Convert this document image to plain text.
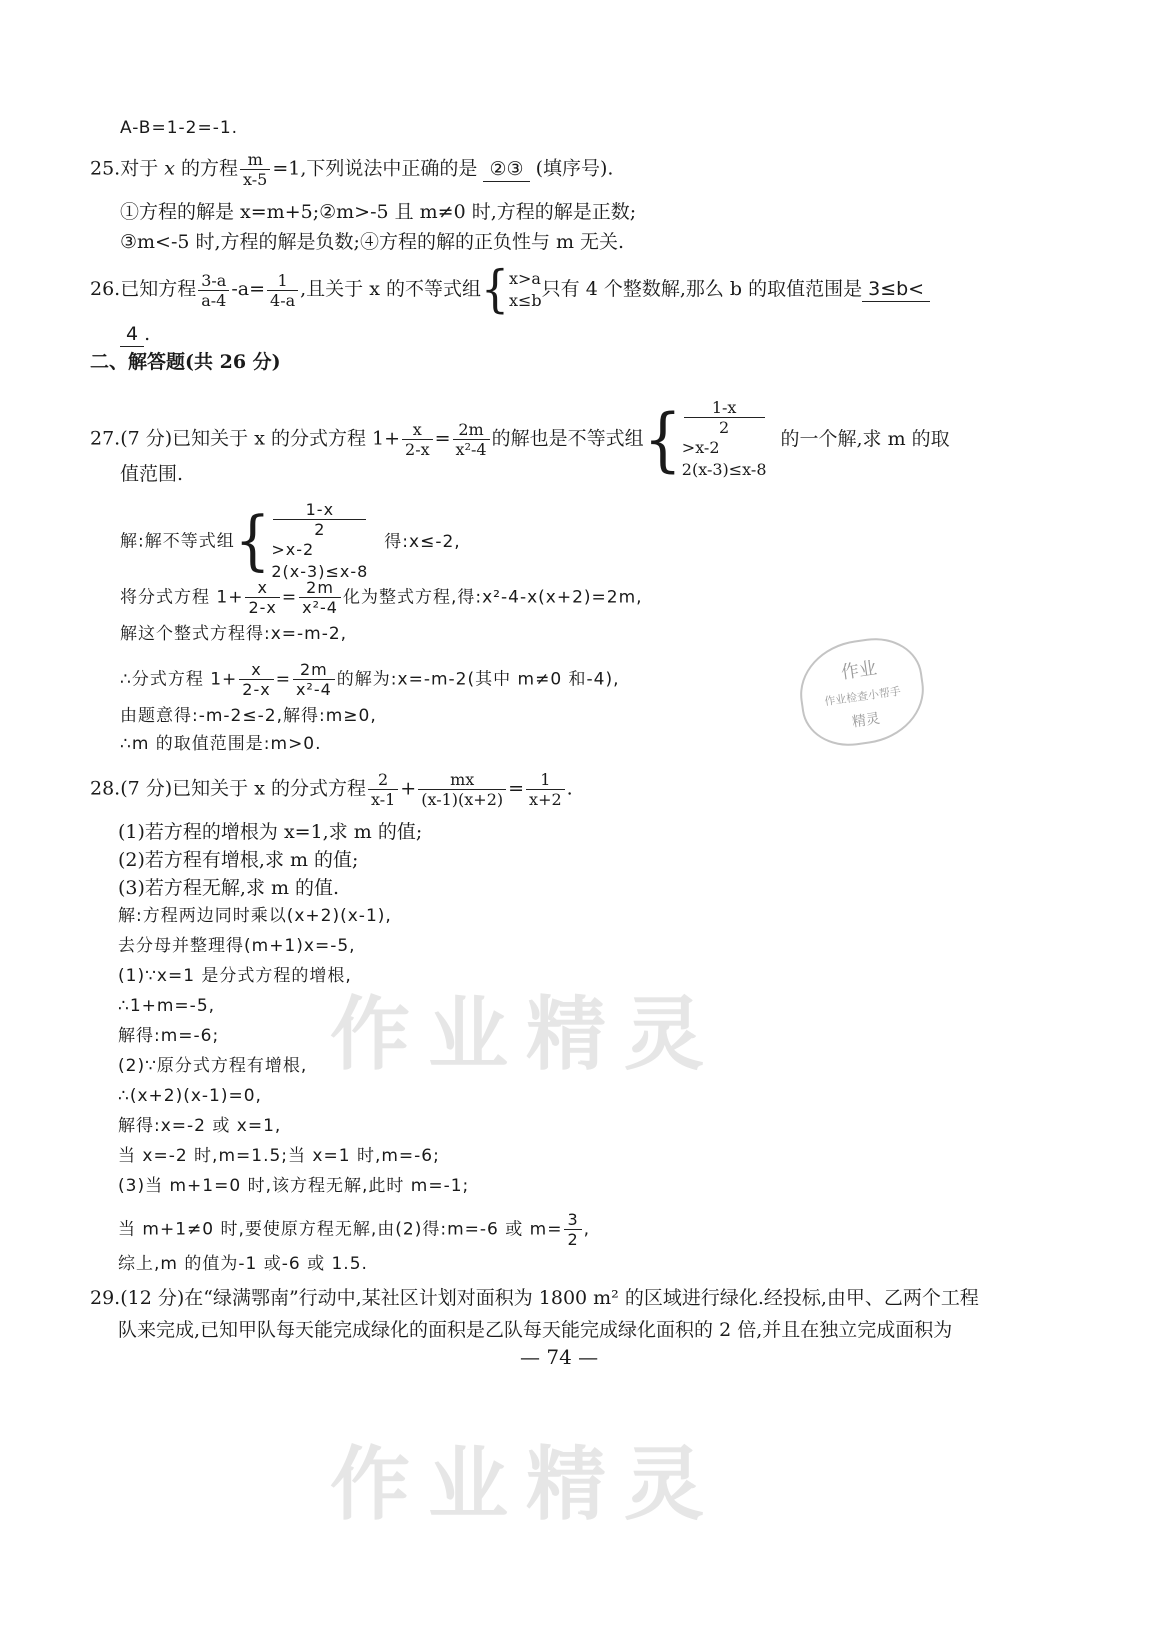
A-B=1-2=-1.
25.对于 x 的方程 $\frac{m}{x-5} =1$,下列说法中正确的是 ②③ (填序号).
①方程的解是 x=m+5;②m>-5 且 m≠0 时,方程的解是正数;
③m<-5 时,方程的解是负数;④方程的解的正负性与 m 无关.
26.已知方程 $\frac{3-a}{a-4} -a= \frac{1}{4-a}$ ,且关于 x 的不等式组{ x>a
x≤b
只有 4 个整数解,那么 b 的取值范围是 3≤b<
4 .
二、解答题(共 26 分)
27.(7 分)已知关于 x 的分式方程 $1+ \frac{x}{2-x} = \frac{2m}{\text{x²-4}}$ 的解也是不等式组{	1-x
2
>x-2
2(x-3)≤x-8
的一个解,求 m 的取
值范围.
解:解不等式组{	1-x
2
>x-2
2(x-3)≤x-8
得:x≤-2,
将分式方程 $1+ \frac{x}{2-x} = \frac{2m}{\text{x²-4}}$ 化为整式方程,得:x²-4-x(x+2)=2m,
解这个整式方程得:x=-m-2,
∴分式方程 $1+ \frac{x}{2-x} = \frac{2m}{\text{x²-4}}$ 的解为:x=-m-2(其中 m≠0 和-4),
由题意得:-m-2≤-2,解得:m≥0,
∴m 的取值范围是:m>0.
作业
作业检查小帮手
精灵
28.(7 分)已知关于 x 的分式方程 $\frac{2}{x-1} + \frac{mx}{(x-1)(x+2)} = \frac{1}{x+2}$ .
(1)若方程的增根为 x=1,求 m 的值;
(2)若方程有增根,求 m 的值;
(3)若方程无解,求 m 的值.
解:方程两边同时乘以(x+2)(x-1),
去分母并整理得(m+1)x=-5,
(1)∵x=1 是分式方程的增根,
∴1+m=-5,
解得:m=-6;
(2)∵原分式方程有增根,
∴(x+2)(x-1)=0,
解得:x=-2 或 x=1,
当 x=-2 时,m=1.5;当 x=1 时,m=-6;
(3)当 m+1=0 时,该方程无解,此时 m=-1;
当 m+1≠0 时,要使原方程无解,由(2)得:m=-6 或 $m= \frac{3}{2}$ ,
综上,m 的值为-1 或-6 或 1.5.
29.(12 分)在“绿满鄂南”行动中,某社区计划对面积为 1800 m² 的区域进行绿化.经投标,由甲、乙两个工程
队来完成,已知甲队每天能完成绿化的面积是乙队每天能完成绿化面积的 2 倍,并且在独立完成面积为
作业精灵
作业精灵
— 74 —
